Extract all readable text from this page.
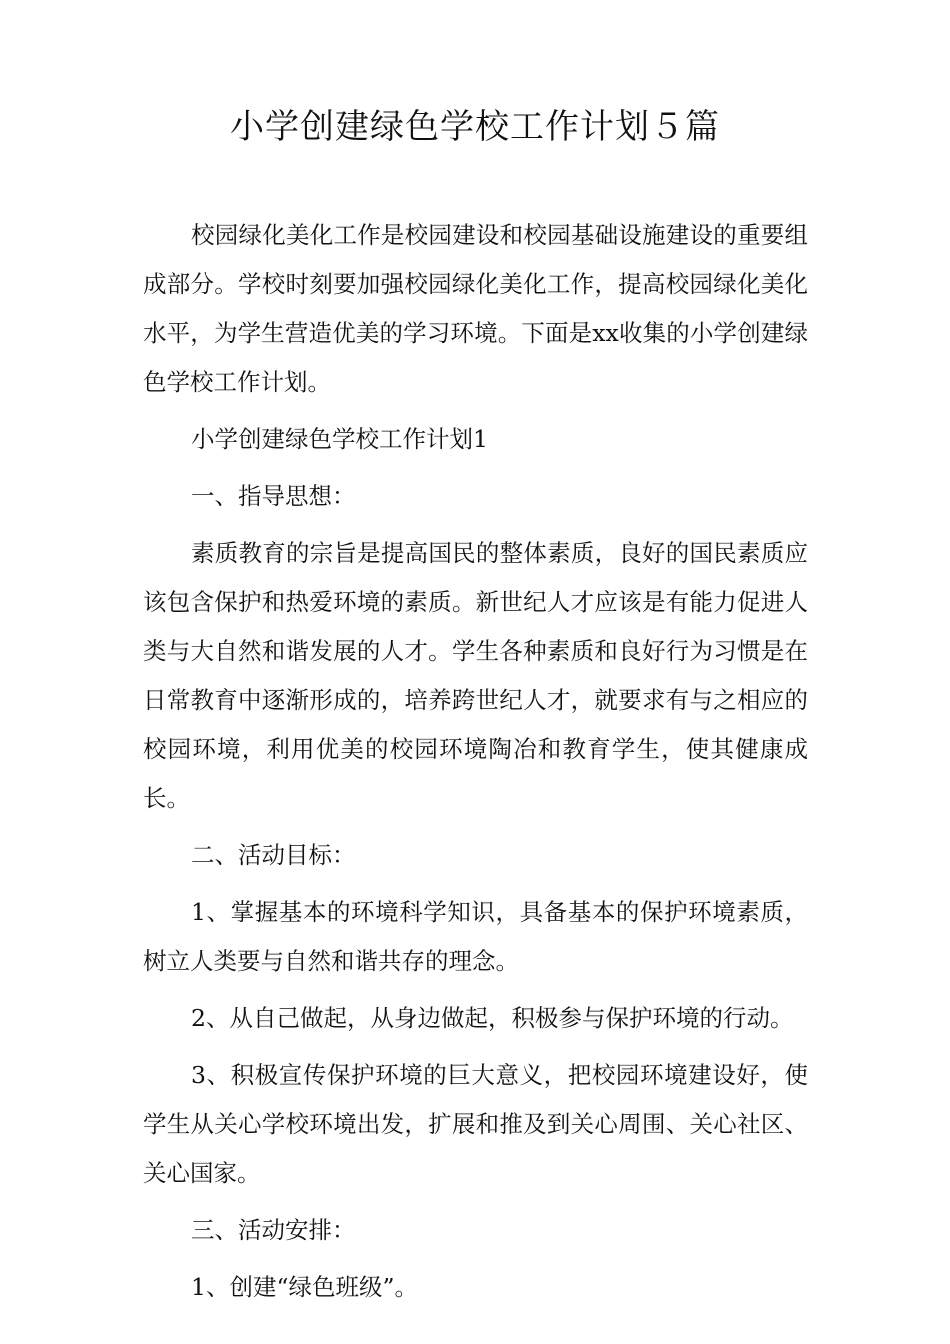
小学创建绿色学校工作计划５篇

校园绿化美化工作是校园建设和校园基础设施建设的重要组成部分。学校时刻要加强校园绿化美化工作，提高校园绿化美化水平，为学生营造优美的学习环境。下面是xx收集的小学创建绿色学校工作计划。

小学创建绿色学校工作计划1

一、指导思想：

素质教育的宗旨是提高国民的整体素质，良好的国民素质应该包含保护和热爱环境的素质。新世纪人才应该是有能力促进人类与大自然和谐发展的人才。学生各种素质和良好行为习惯是在日常教育中逐渐形成的，培养跨世纪人才，就要求有与之相应的校园环境，利用优美的校园环境陶冶和教育学生，使其健康成长。

二、活动目标：

1、掌握基本的环境科学知识，具备基本的保护环境素质，树立人类要与自然和谐共存的理念。

2、从自己做起，从身边做起，积极参与保护环境的行动。

3、积极宣传保护环境的巨大意义，把校园环境建设好，使学生从关心学校环境出发，扩展和推及到关心周围、关心社区、关心国家。

三、活动安排：

1、创建“绿色班级”。
